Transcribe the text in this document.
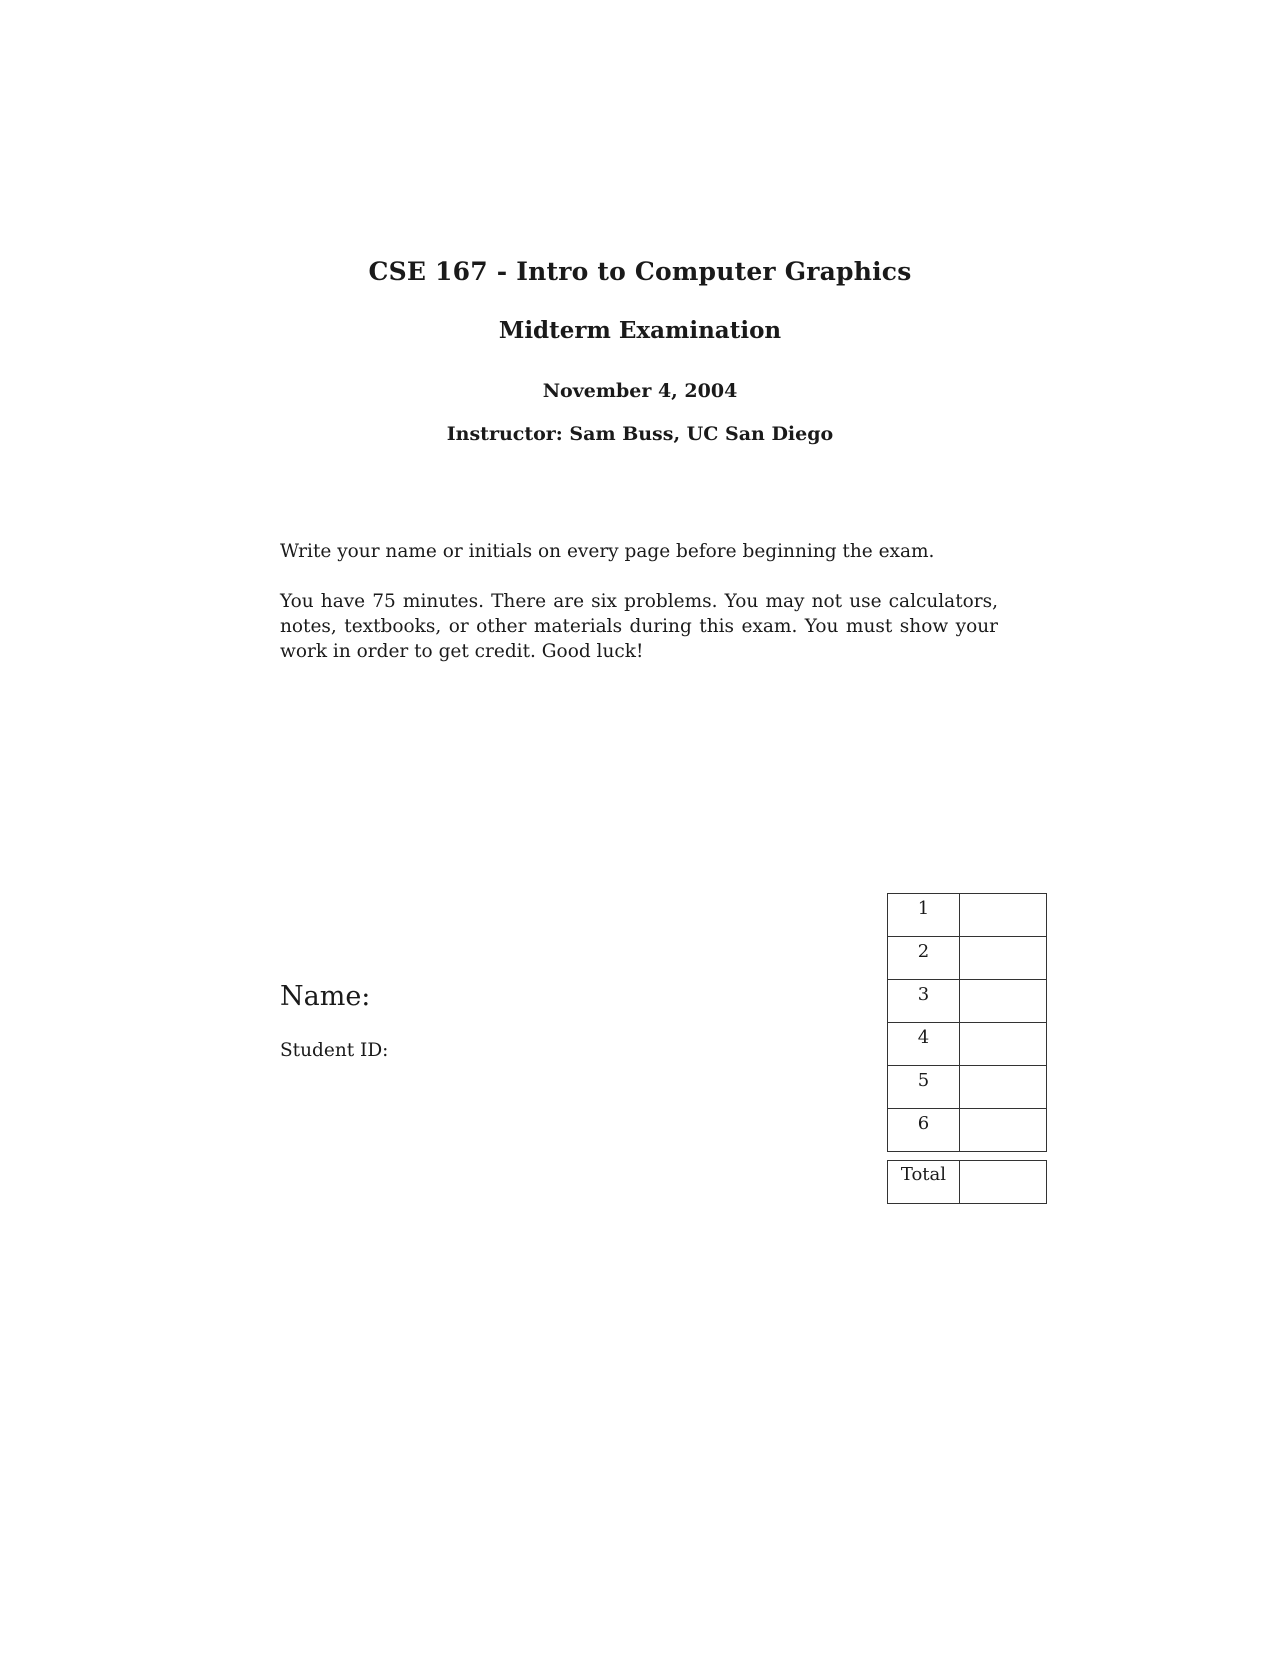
CSE 167 - Intro to Computer Graphics
Midterm Examination
November 4, 2004
Instructor: Sam Buss, UC San Diego
Write your name or initials on every page before beginning the exam.
You have 75 minutes. There are six problems. You may not use calculators, notes, textbooks, or other materials during this exam. You must show your work in order to get credit. Good luck!
Name:
Student ID:
1	
2	
3	
4	
5	
6	
Total	
